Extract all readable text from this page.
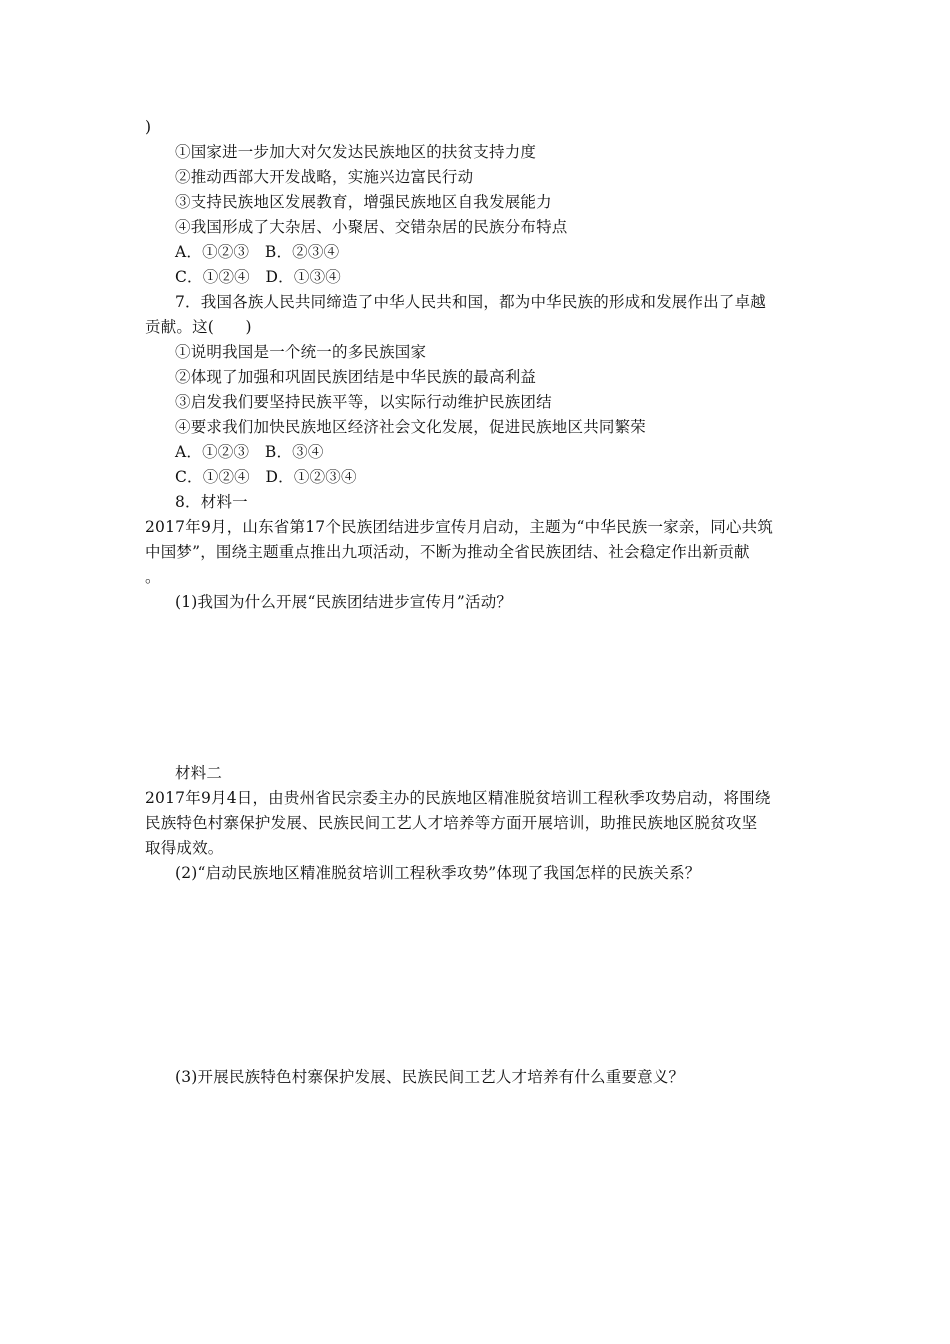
)
①国家进一步加大对欠发达民族地区的扶贫支持力度
②推动西部大开发战略，实施兴边富民行动
③支持民族地区发展教育，增强民族地区自我发展能力
④我国形成了大杂居、小聚居、交错杂居的民族分布特点
A．①②③　B．②③④
C．①②④　D．①③④
7．我国各族人民共同缔造了中华人民共和国，都为中华民族的形成和发展作出了卓越
贡献。这(　　)
①说明我国是一个统一的多民族国家
②体现了加强和巩固民族团结是中华民族的最高利益
③启发我们要坚持民族平等，以实际行动维护民族团结
④要求我们加快民族地区经济社会文化发展，促进民族地区共同繁荣
A．①②③　B．③④
C．①②④　D．①②③④
8．材料一
2017年9月，山东省第17个民族团结进步宣传月启动，主题为“中华民族一家亲，同心共筑
中国梦”，围绕主题重点推出九项活动，不断为推动全省民族团结、社会稳定作出新贡献
。
(1)我国为什么开展“民族团结进步宣传月”活动？
材料二
2017年9月4日，由贵州省民宗委主办的民族地区精准脱贫培训工程秋季攻势启动，将围绕
民族特色村寨保护发展、民族民间工艺人才培养等方面开展培训，助推民族地区脱贫攻坚
取得成效。
(2)“启动民族地区精准脱贫培训工程秋季攻势”体现了我国怎样的民族关系？
(3)开展民族特色村寨保护发展、民族民间工艺人才培养有什么重要意义？
